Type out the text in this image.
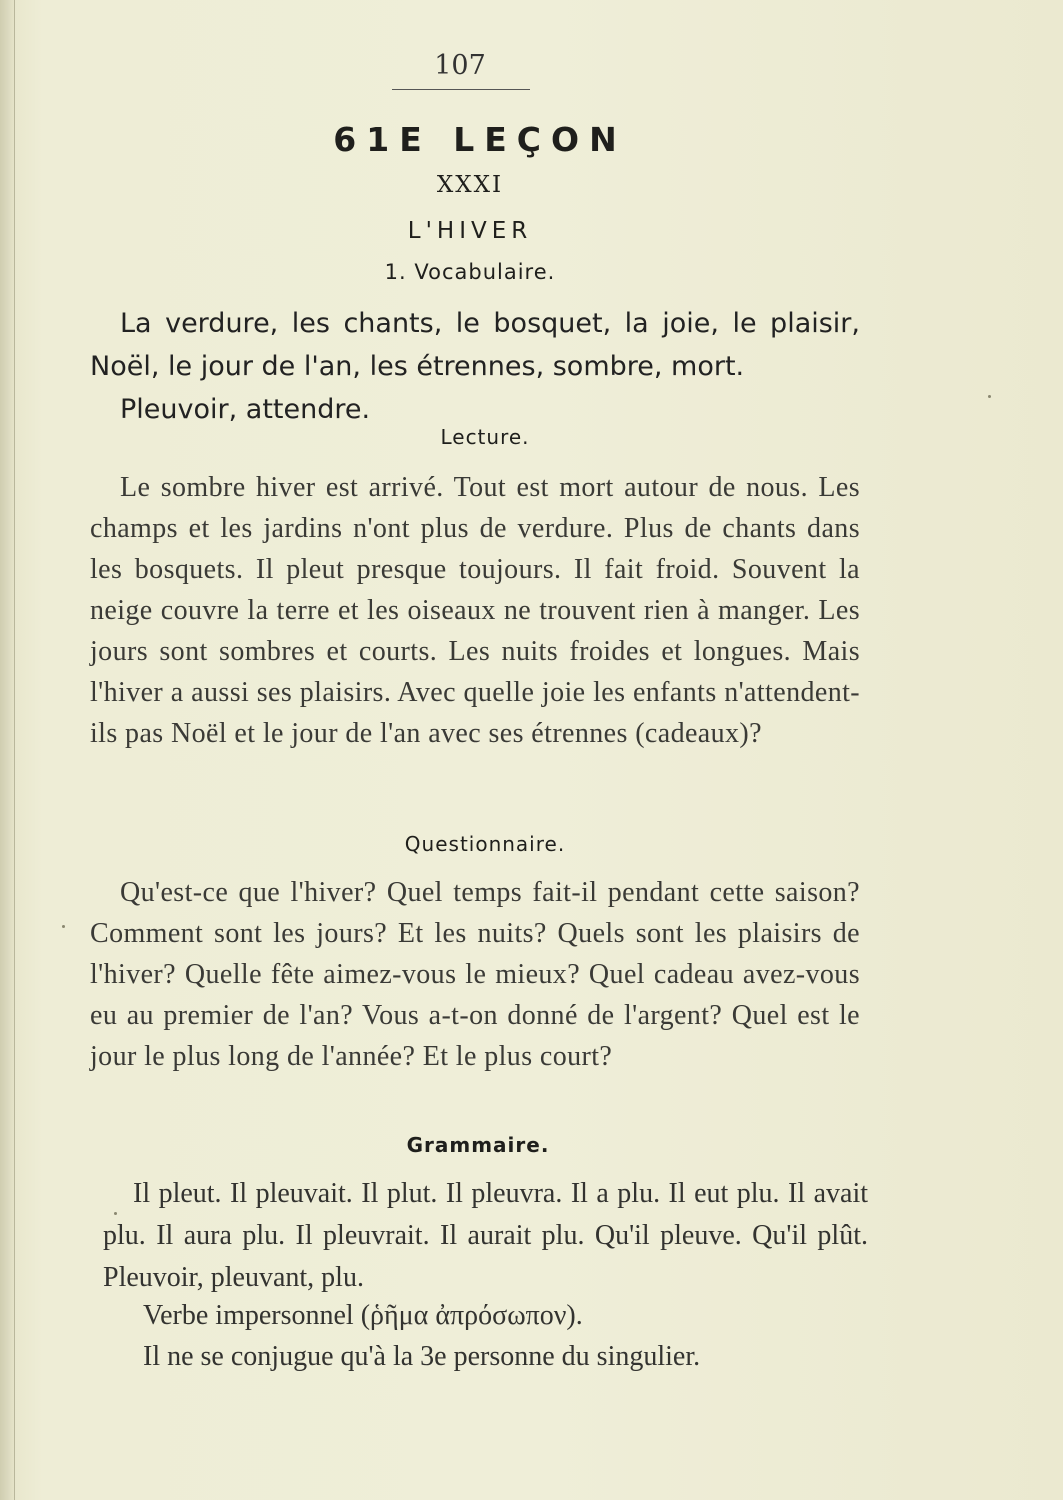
107
61E LEÇON
XXXI
L'HIVER
1. Vocabulaire.
La verdure, les chants, le bosquet, la joie, le plaisir, Noël, le jour de l'an, les étrennes, sombre, mort.
Pleuvoir, attendre.
Lecture.
Le sombre hiver est arrivé. Tout est mort autour de nous. Les champs et les jardins n'ont plus de verdure. Plus de chants dans les bosquets. Il pleut presque toujours. Il fait froid. Souvent la neige couvre la terre et les oiseaux ne trouvent rien à manger. Les jours sont sombres et courts. Les nuits froides et longues. Mais l'hiver a aussi ses plaisirs. Avec quelle joie les enfants n'attendent-ils pas Noël et le jour de l'an avec ses étrennes (cadeaux)?
Questionnaire.
Qu'est-ce que l'hiver? Quel temps fait-il pendant cette saison? Comment sont les jours? Et les nuits? Quels sont les plaisirs de l'hiver? Quelle fête aimez-vous le mieux? Quel cadeau avez-vous eu au premier de l'an? Vous a-t-on donné de l'argent? Quel est le jour le plus long de l'année? Et le plus court?
Grammaire.
Il pleut. Il pleuvait. Il plut. Il pleuvra. Il a plu. Il eut plu. Il avait plu. Il aura plu. Il pleuvrait. Il aurait plu. Qu'il pleuve. Qu'il plût. Pleuvoir, pleuvant, plu.
Verbe impersonnel (ῥῆμα ἀπρόσωπον).
Il ne se conjugue qu'à la 3e personne du singulier.
